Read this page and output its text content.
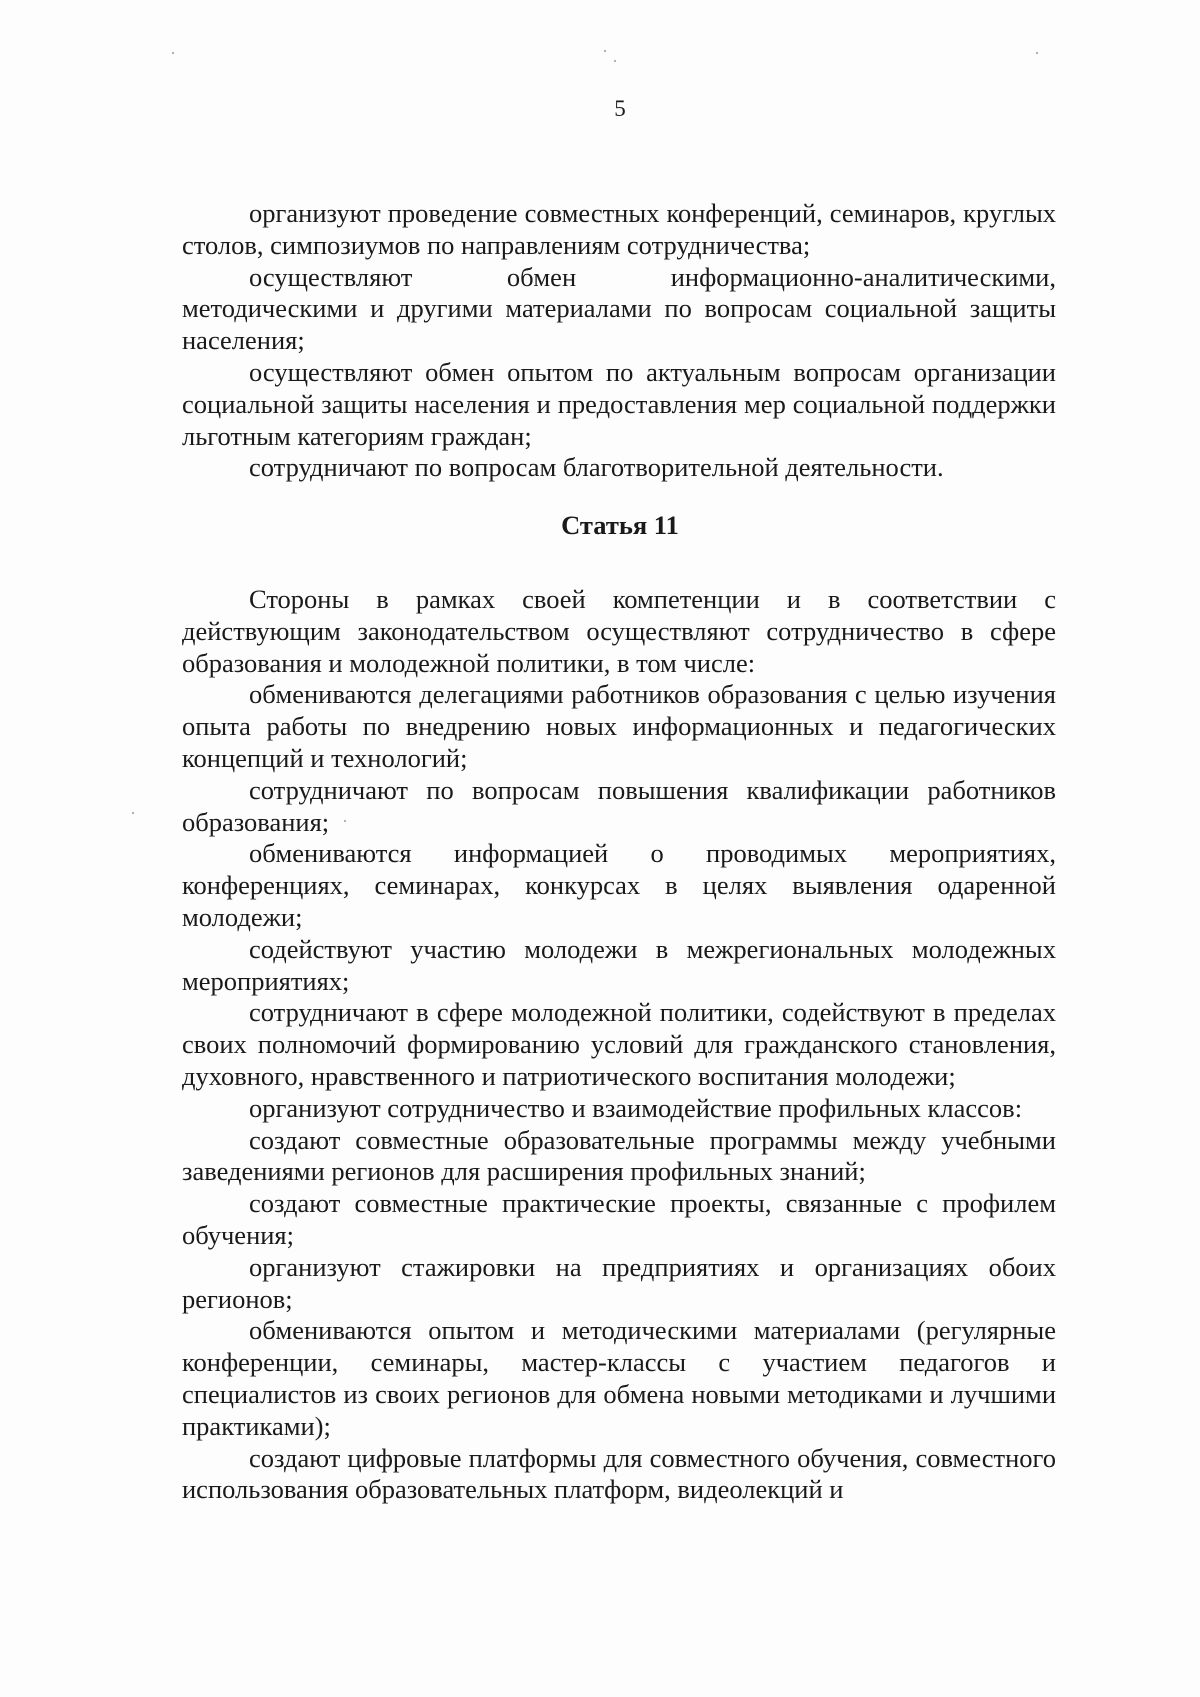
5

организуют проведение совместных конференций, семинаров, круглых столов, симпозиумов по направлениям сотрудничества;

осуществляют обмен информационно-аналитическими, методическими и другими материалами по вопросам социальной защиты населения;

осуществляют обмен опытом по актуальным вопросам организации социальной защиты населения и предоставления мер социальной поддержки льготным категориям граждан;

сотрудничают по вопросам благотворительной деятельности.

Статья 11

Стороны в рамках своей компетенции и в соответствии с действующим законодательством осуществляют сотрудничество в сфере образования и молодежной политики, в том числе:

обмениваются делегациями работников образования с целью изучения опыта работы по внедрению новых информационных и педагогических концепций и технологий;

сотрудничают по вопросам повышения квалификации работников образования;

обмениваются информацией о проводимых мероприятиях, конференциях, семинарах, конкурсах в целях выявления одаренной молодежи;

содействуют участию молодежи в межрегиональных молодежных мероприятиях;

сотрудничают в сфере молодежной политики, содействуют в пределах своих полномочий формированию условий для гражданского становления, духовного, нравственного и патриотического воспитания молодежи;

организуют сотрудничество и взаимодействие профильных классов:

создают совместные образовательные программы между учебными заведениями регионов для расширения профильных знаний;

создают совместные практические проекты, связанные с профилем обучения;

организуют стажировки на предприятиях и организациях обоих регионов;

обмениваются опытом и методическими материалами (регулярные конференции, семинары, мастер-классы с участием педагогов и специалистов из своих регионов для обмена новыми методиками и лучшими практиками);

создают цифровые платформы для совместного обучения, совместного использования образовательных платформ, видеолекций и
